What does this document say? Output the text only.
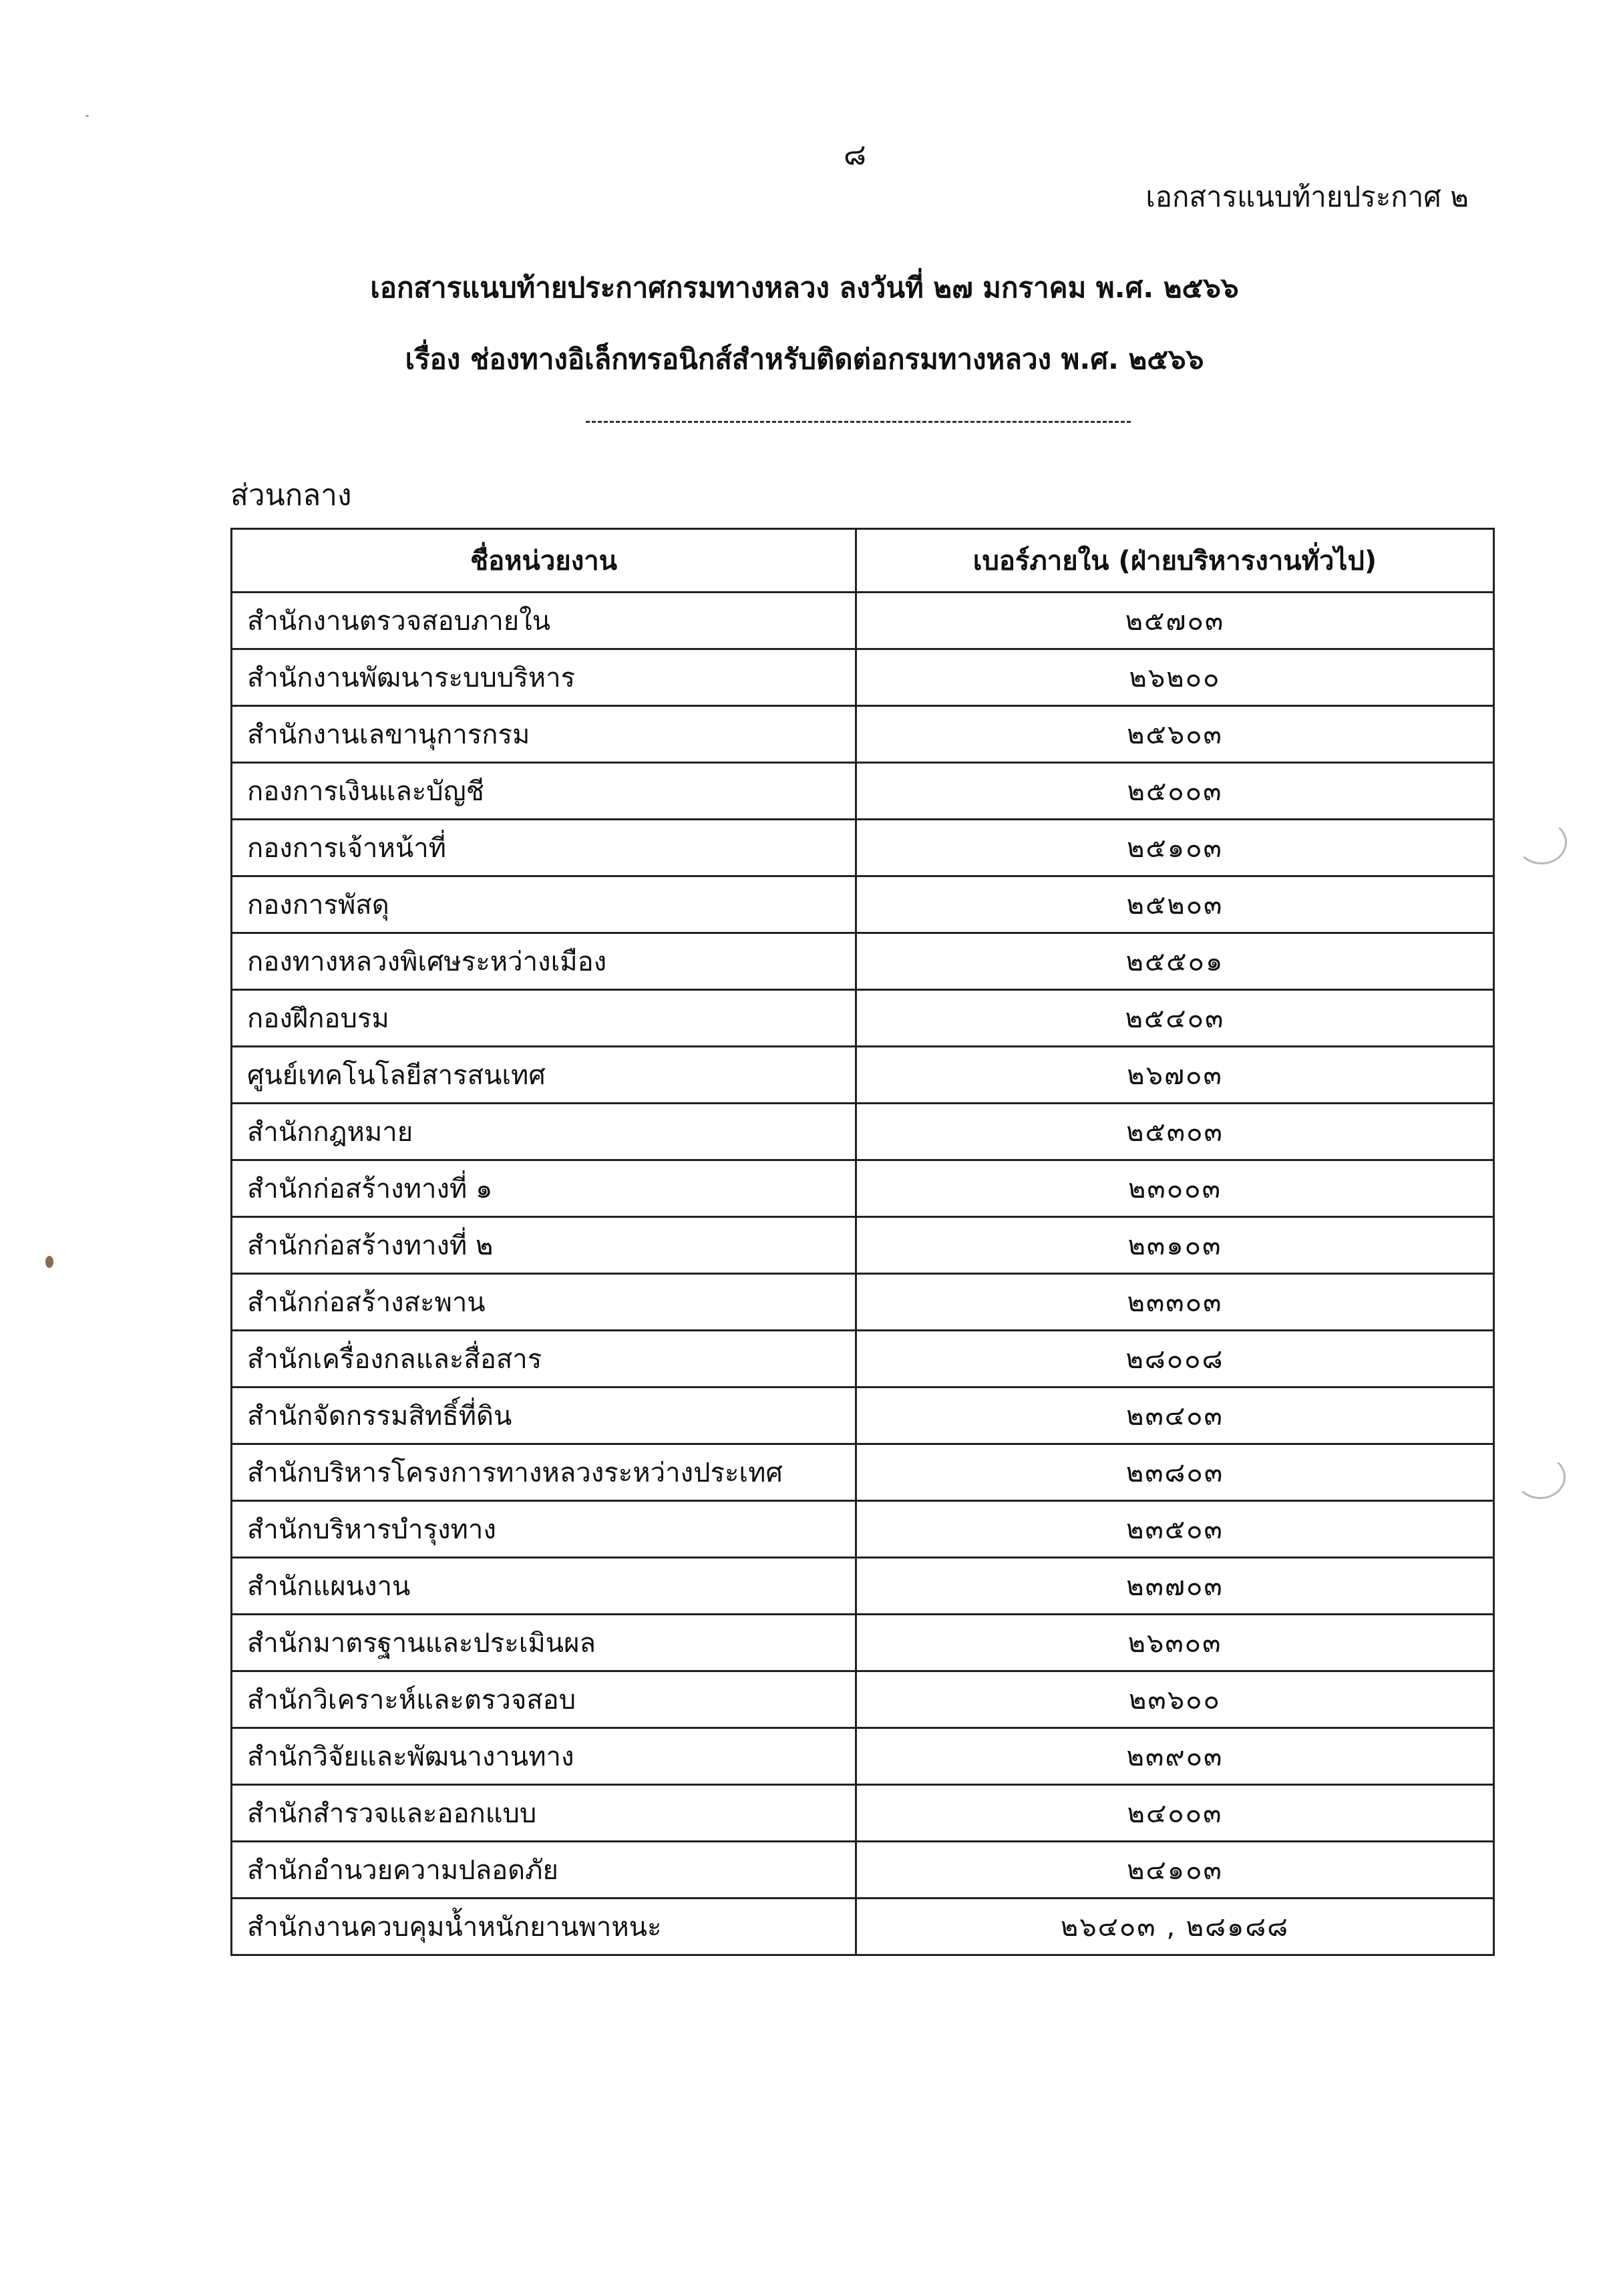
๘
เอกสารแนบท้ายประกาศ ๒
เอกสารแนบท้ายประกาศกรมทางหลวง ลงวันที่ ๒๗ มกราคม พ.ศ. ๒๕๖๖
เรื่อง ช่องทางอิเล็กทรอนิกส์สำหรับติดต่อกรมทางหลวง พ.ศ. ๒๕๖๖
ส่วนกลาง
ชื่อหน่วยงาน	เบอร์ภายใน (ฝ่ายบริหารงานทั่วไป)
สำนักงานตรวจสอบภายใน	๒๕๗๐๓
สำนักงานพัฒนาระบบบริหาร	๒๖๒๐๐
สำนักงานเลขานุการกรม	๒๕๖๐๓
กองการเงินและบัญชี	๒๕๐๐๓
กองการเจ้าหน้าที่	๒๕๑๐๓
กองการพัสดุ	๒๕๒๐๓
กองทางหลวงพิเศษระหว่างเมือง	๒๕๕๐๑
กองฝึกอบรม	๒๕๔๐๓
ศูนย์เทคโนโลยีสารสนเทศ	๒๖๗๐๓
สำนักกฎหมาย	๒๕๓๐๓
สำนักก่อสร้างทางที่ ๑	๒๓๐๐๓
สำนักก่อสร้างทางที่ ๒	๒๓๑๐๓
สำนักก่อสร้างสะพาน	๒๓๓๐๓
สำนักเครื่องกลและสื่อสาร	๒๘๐๐๘
สำนักจัดกรรมสิทธิ์ที่ดิน	๒๓๔๐๓
สำนักบริหารโครงการทางหลวงระหว่างประเทศ	๒๓๘๐๓
สำนักบริหารบำรุงทาง	๒๓๕๐๓
สำนักแผนงาน	๒๓๗๐๓
สำนักมาตรฐานและประเมินผล	๒๖๓๐๓
สำนักวิเคราะห์และตรวจสอบ	๒๓๖๐๐
สำนักวิจัยและพัฒนางานทาง	๒๓๙๐๓
สำนักสำรวจและออกแบบ	๒๔๐๐๓
สำนักอำนวยความปลอดภัย	๒๔๑๐๓
สำนักงานควบคุมน้ำหนักยานพาหนะ	๒๖๔๐๓ , ๒๘๑๘๘
